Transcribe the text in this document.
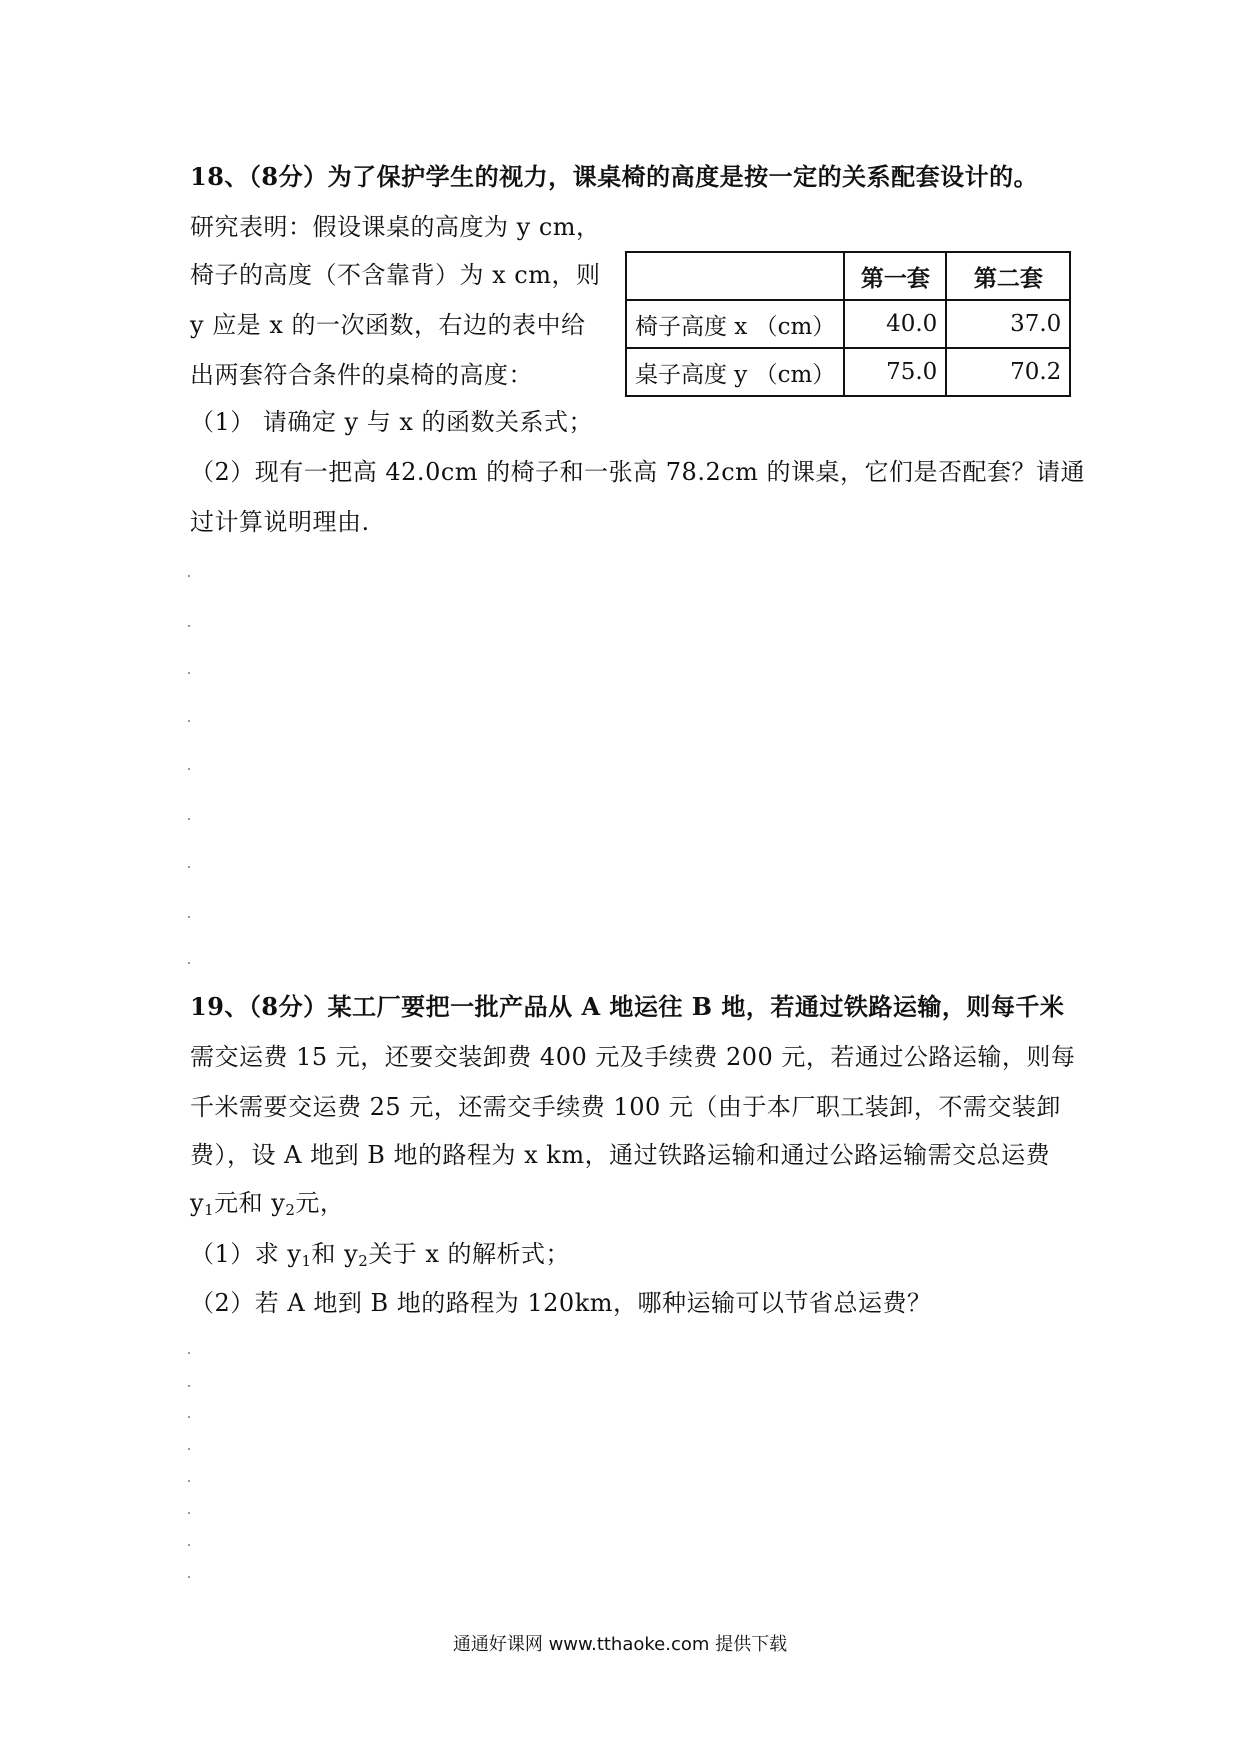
18、（8分）为了保护学生的视力，课桌椅的高度是按一定的关系配套设计的。
研究表明：假设课桌的高度为 y cm，
椅子的高度（不含靠背）为 x cm，则
y 应是 x 的一次函数，右边的表中给
出两套符合条件的桌椅的高度：
	第一套	第二套
椅子高度 x （cm）	40.0	37.0
桌子高度 y （cm）	75.0	70.2
（1） 请确定 y 与 x 的函数关系式；
（2）现有一把高 42.0cm 的椅子和一张高 78.2cm 的课桌，它们是否配套？请通
过计算说明理由.
19、（8分）某工厂要把一批产品从 A 地运往 B 地，若通过铁路运输，则每千米
需交运费 15 元，还要交装卸费 400 元及手续费 200 元，若通过公路运输，则每
千米需要交运费 25 元，还需交手续费 100 元（由于本厂职工装卸，不需交装卸
费），设 A 地到 B 地的路程为 x km，通过铁路运输和通过公路运输需交总运费
$y_1$元和 $y_2$元，
（1）求 $y_1$和 $y_2$关于 x 的解析式；
（2）若 A 地到 B 地的路程为 120km，哪种运输可以节省总运费？
通通好课网 www.tthaoke.com 提供下载
